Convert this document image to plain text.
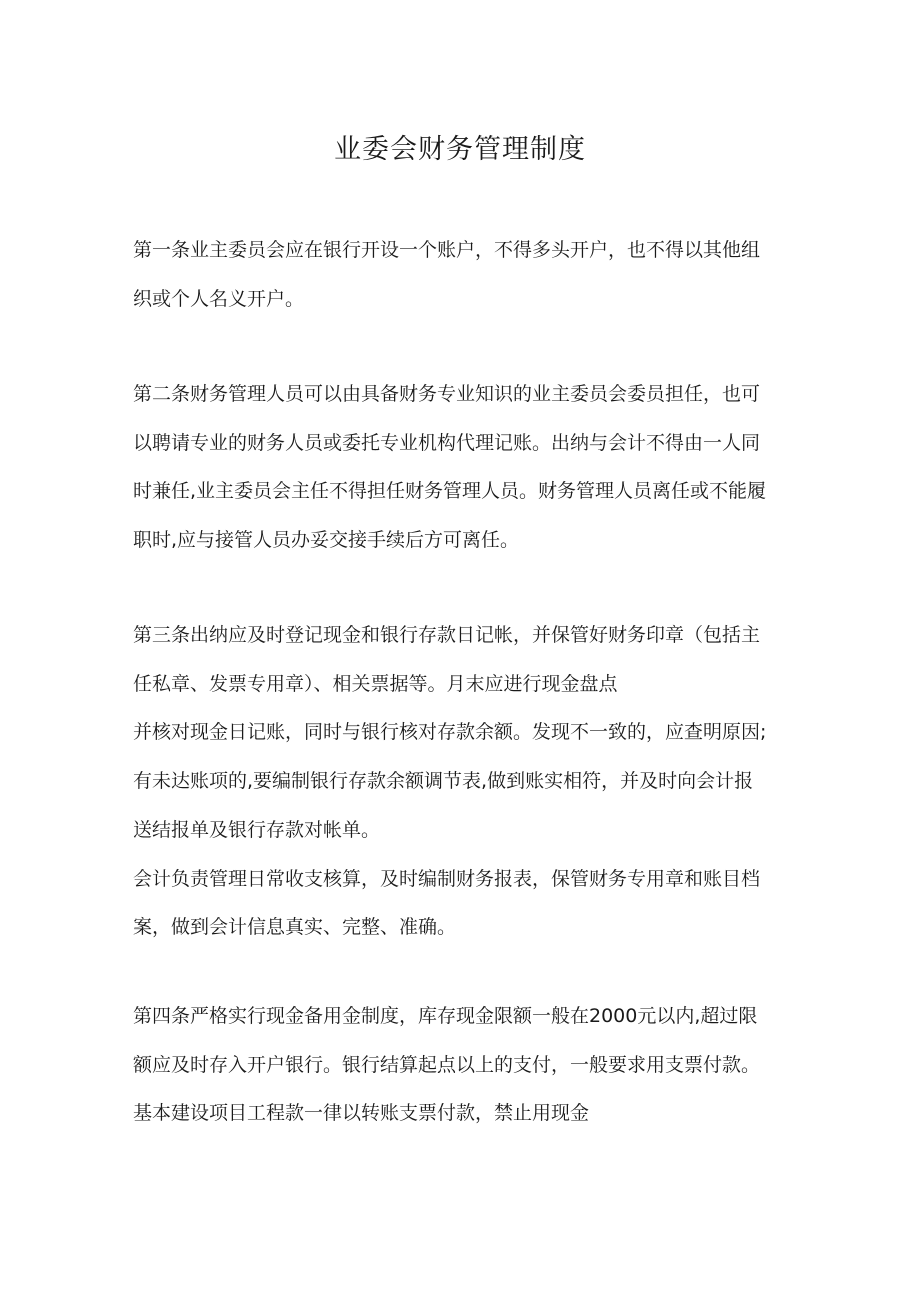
业委会财务管理制度
第一条业主委员会应在银行开设一个账户，不得多头开户，也不得以其他组
织或个人名义开户。
第二条财务管理人员可以由具备财务专业知识的业主委员会委员担任，也可
以聘请专业的财务人员或委托专业机构代理记账。出纳与会计不得由一人同
时兼任,业主委员会主任不得担任财务管理人员。财务管理人员离任或不能履
职时,应与接管人员办妥交接手续后方可离任。
第三条出纳应及时登记现金和银行存款日记帐，并保管好财务印章（包括主
任私章、发票专用章）、相关票据等。月末应进行现金盘点
并核对现金日记账，同时与银行核对存款余额。发现不一致的，应查明原因;
有未达账项的,要编制银行存款余额调节表,做到账实相符，并及时向会计报
送结报单及银行存款对帐单。
会计负责管理日常收支核算，及时编制财务报表，保管财务专用章和账目档
案，做到会计信息真实、完整、准确。
第四条严格实行现金备用金制度，库存现金限额一般在2000元以内,超过限
额应及时存入开户银行。银行结算起点以上的支付，一般要求用支票付款。
基本建设项目工程款一律以转账支票付款，禁止用现金
